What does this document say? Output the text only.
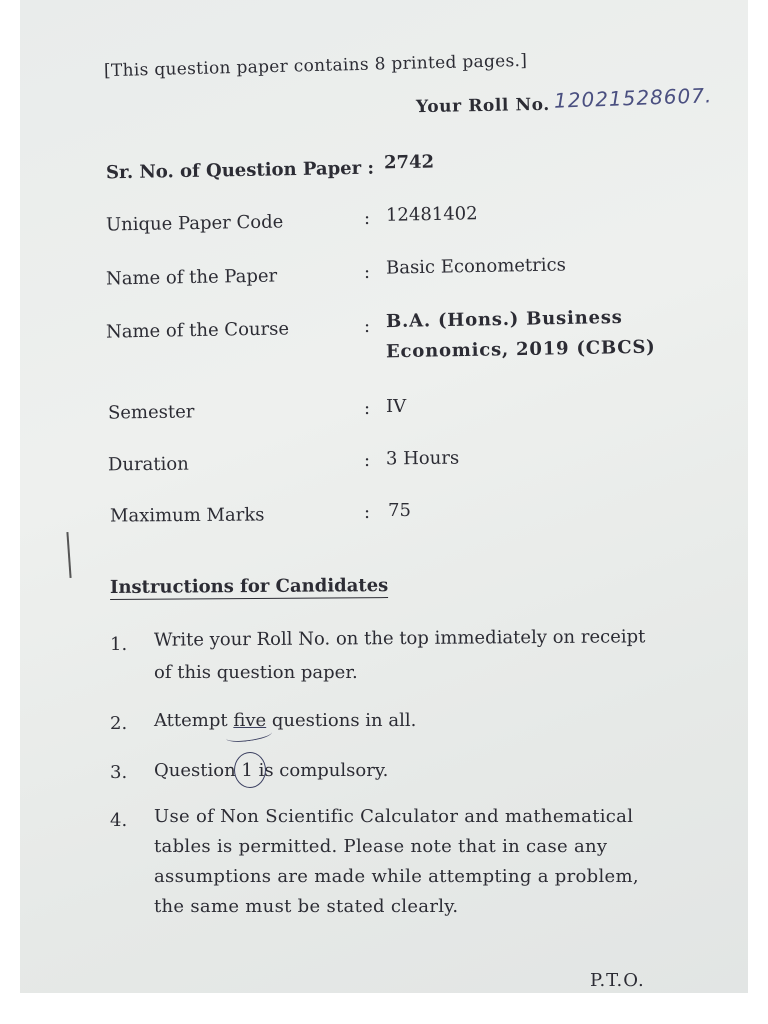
[This question paper contains 8 printed pages.]
Your Roll No. 12021528607.
Sr. No. of Question Paper : 2742
Unique Paper Code	: 12481402
Name of the Paper	: Basic Econometrics
Name of the Course	: B.A. (Hons.) Business
Economics, 2019 (CBCS)
Semester	: IV
Duration	: 3 Hours
Maximum Marks	: 75
Instructions for Candidates
1. Write your Roll No. on the top immediately on receipt
of this question paper.
2. Attempt five questions in all.
3. Question 1 is compulsory.
4. Use of Non Scientific Calculator and mathematical
tables is permitted. Please note that in case any
assumptions are made while attempting a problem,
the same must be stated clearly.
P.T.O.
